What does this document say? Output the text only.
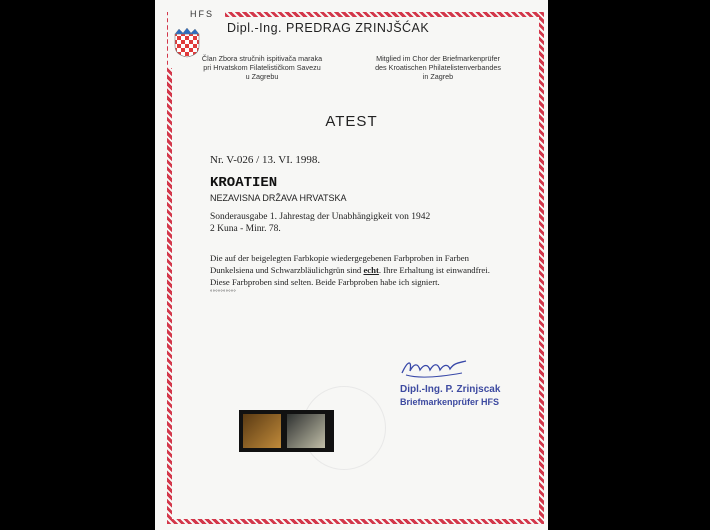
HFS
Dipl.-Ing. PREDRAG ZRINJŠĆAK
Član Zbora stručnih ispitivača maraka
pri Hrvatskom Filatelističkom Savezu
u Zagrebu
Mitglied im Chor der Briefmarkenprüfer
des Kroatischen Philatelistenverbandes
in Zagreb
ATEST
Nr. V-026 / 13. VI. 1998.
KROATIEN
NEZAVISNA DRŽAVA HRVATSKA
Sonderausgabe 1. Jahrestag der Unabhängigkeit von 1942
2 Kuna - Minr. 78.
Die auf der beigelegten Farbkopie wiedergegebenen Farbproben in Farben Dunkelsiena und Schwarzbläulichgrün sind echt. Ihre Erhaltung ist einwandfrei. Diese Farbproben sind selten. Beide Farbproben habe ich signiert.
°°°°°°°°°°
Dipl.-Ing. P. Zrinjscak
Briefmarkenprüfer HFS
